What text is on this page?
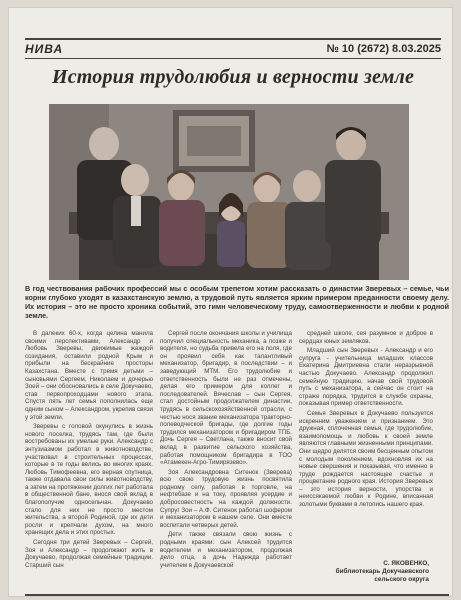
НИВА	№ 10 (2672) 8.03.2025
История трудолюбия и верности земле

В год чествования рабочих профессий мы с особым трепетом хотим рассказать о династии Зверевых – семье, чьи корни глубоко уходят в казахстанскую землю, а трудовой путь является ярким примером преданности своему делу. Их история – это не просто хроника событий, это гимн человеческому труду, самоотверженности и любви к родной земле.

В далеких 60-х, когда целина манила своими перспективами, Александр и Любовь Зверевы, движимые жаждой созидания, оставили родной Крым и прибыли на бескрайние просторы Казахстана. Вместе с тремя детьми – сыновьями Сергеем, Николаем и дочерью Зоей – они обосновались в селе Докучаево, став первопроходцами нового этапа. Спустя пять лет семья пополнилась еще одним сыном – Александром, укрепив связи у этой земли.

Зверевы с головой окунулись в жизнь нового поселка, трудясь там, где были востребованы их умелые руки. Александр с энтузиазмом работал в животноводстве, участвовал в строительных процессах, которые в те годы велись во многих краях. Любовь Тимофеевна, его верная спутница, также отдавала свои силы животноводству, а затем на протяжении долгих лет работала в общественной бане, внося свой вклад в благополучие односельчан. Докучаево стало для них не просто местом жительства, а второй Родиной, где их дети росли и крепчали духом, на много хранящих дела и этих простых.

Сегодня три детей Зверевых – Сергей, Зоя и Александр – продолжают жить в Докучаево, продолжая семейные традиции. Старший сын

Сергей после окончания школы и училища получил специальность механика, а позже и водителя, но судьба привела его на поля, где он проявил себя как талантливый механизатор, бригадир, в последствии – и заведующий МТМ. Его трудолюбие и ответственность были не раз отмечены, делая его примером для коллег и последователей. Вячеслав – сын Сергея, стал достойным продолжателем династии, трудясь в сельскохозяйственной отрасли, с честью нося звание механизатора тракторно-полеводческой бригады, где долгие годы трудился механизатором и бригадиром ТПБ. Дочь Сергея – Светлана, также вносит свой вклад в развитие сельского хозяйства, работая помощником бригадира в ТОО «Атамекен-Агро-Тимирязево».

Зоя Александровна Ситенок (Зверева) всю свою трудовую жизнь посвятила родному селу, работая в торговле, на нефтебазе и на току, проявляя усердие и добросовестность на каждой должности. Супруг Зои – А.Ф. Ситенок работал шофером и механизатором в нашем селе. Они вместе воспитали четверых детей.

Дети также связали свою жизнь с родными краями: сын Алексей трудится водителем и механизатором, продолжая дело отца, а дочь Надежда работает учителем в Докучаевской

средней школе, сея разумное и доброе в сердцах юных земляков.

Младший сын Зверевых - Александр и его супруга - учительница младших классов Екатерина Дмитриевна стали неразрывной частью Докучаево. Александр продолжил семейную традицию, начав свой трудовой путь с механизатора, а сейчас он стоит на страже порядка, трудится в службе охраны, показывая пример ответственности.

Семья Зверевых в Докучаево пользуется искренним уважением и признанием. Это дружная, сплоченная семья, где трудолюбие, взаимопомощь и любовь к своей земле являются главными жизненными принципами. Они щедро делятся своим бесценным опытом с молодым поколением, вдохновляя их на новые свершения и показывая, что именно в труде рождается настоящее счастье и процветание родного края. История Зверевых – это история верности, упорства и неиссякаемой любви к Родине, вписанная золотыми буквами в летопись нашего края.

С. ЯКОВЕНКО,
библиотекарь Докучаевского
сельского округа
